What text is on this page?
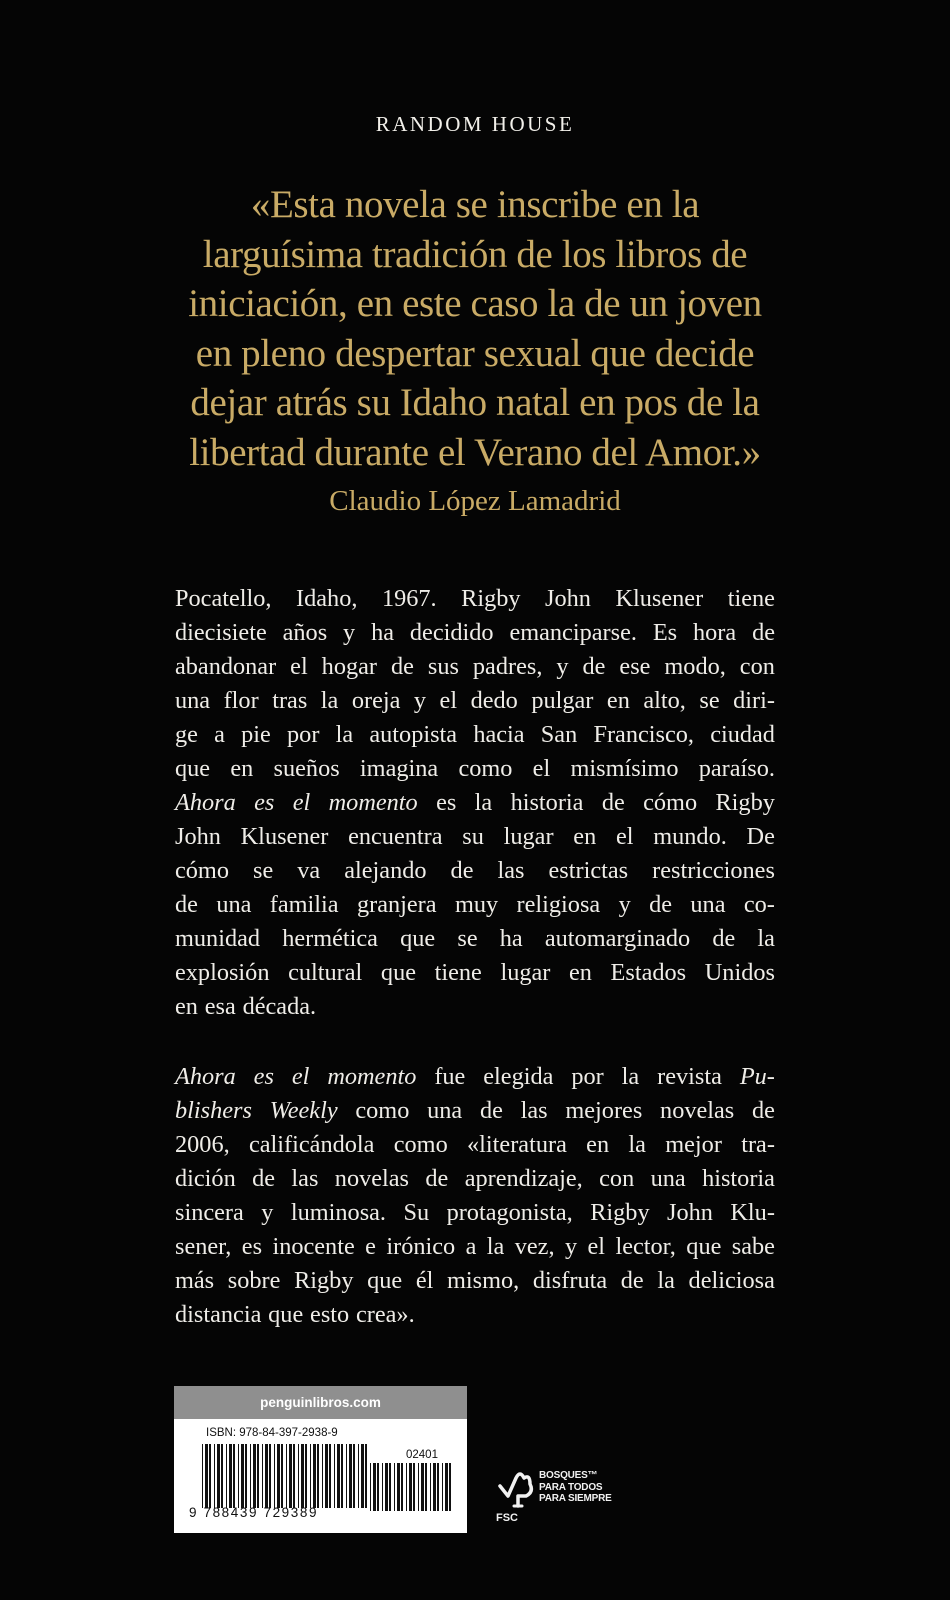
RANDOM HOUSE
«Esta novela se inscribe en la
larguísima tradición de los libros de
iniciación, en este caso la de un joven
en pleno despertar sexual que decide
dejar atrás su Idaho natal en pos de la
libertad durante el Verano del Amor.»
Claudio López Lamadrid
Pocatello, Idaho, 1967. Rigby John Klusener tiene
diecisiete años y ha decidido emanciparse. Es hora de
abandonar el hogar de sus padres, y de ese modo, con
una flor tras la oreja y el dedo pulgar en alto, se diri-
ge a pie por la autopista hacia San Francisco, ciudad
que en sueños imagina como el mismísimo paraíso.
Ahora es el momento es la historia de cómo Rigby
John Klusener encuentra su lugar en el mundo. De
cómo se va alejando de las estrictas restricciones
de una familia granjera muy religiosa y de una co-
munidad hermética que se ha automarginado de la
explosión cultural que tiene lugar en Estados Unidos
en esa década.
Ahora es el momento fue elegida por la revista Pu-
blishers Weekly como una de las mejores novelas de
2006, calificándola como «literatura en la mejor tra-
dición de las novelas de aprendizaje, con una historia
sincera y luminosa. Su protagonista, Rigby John Klu-
sener, es inocente e irónico a la vez, y el lector, que sabe
más sobre Rigby que él mismo, disfruta de la deliciosa
distancia que esto crea».
penguinlibros.com
ISBN: 978-84-397-2938-9
02401
9 788439 729389
BOSQUES™
PARA TODOS
PARA SIEMPRE
FSC
